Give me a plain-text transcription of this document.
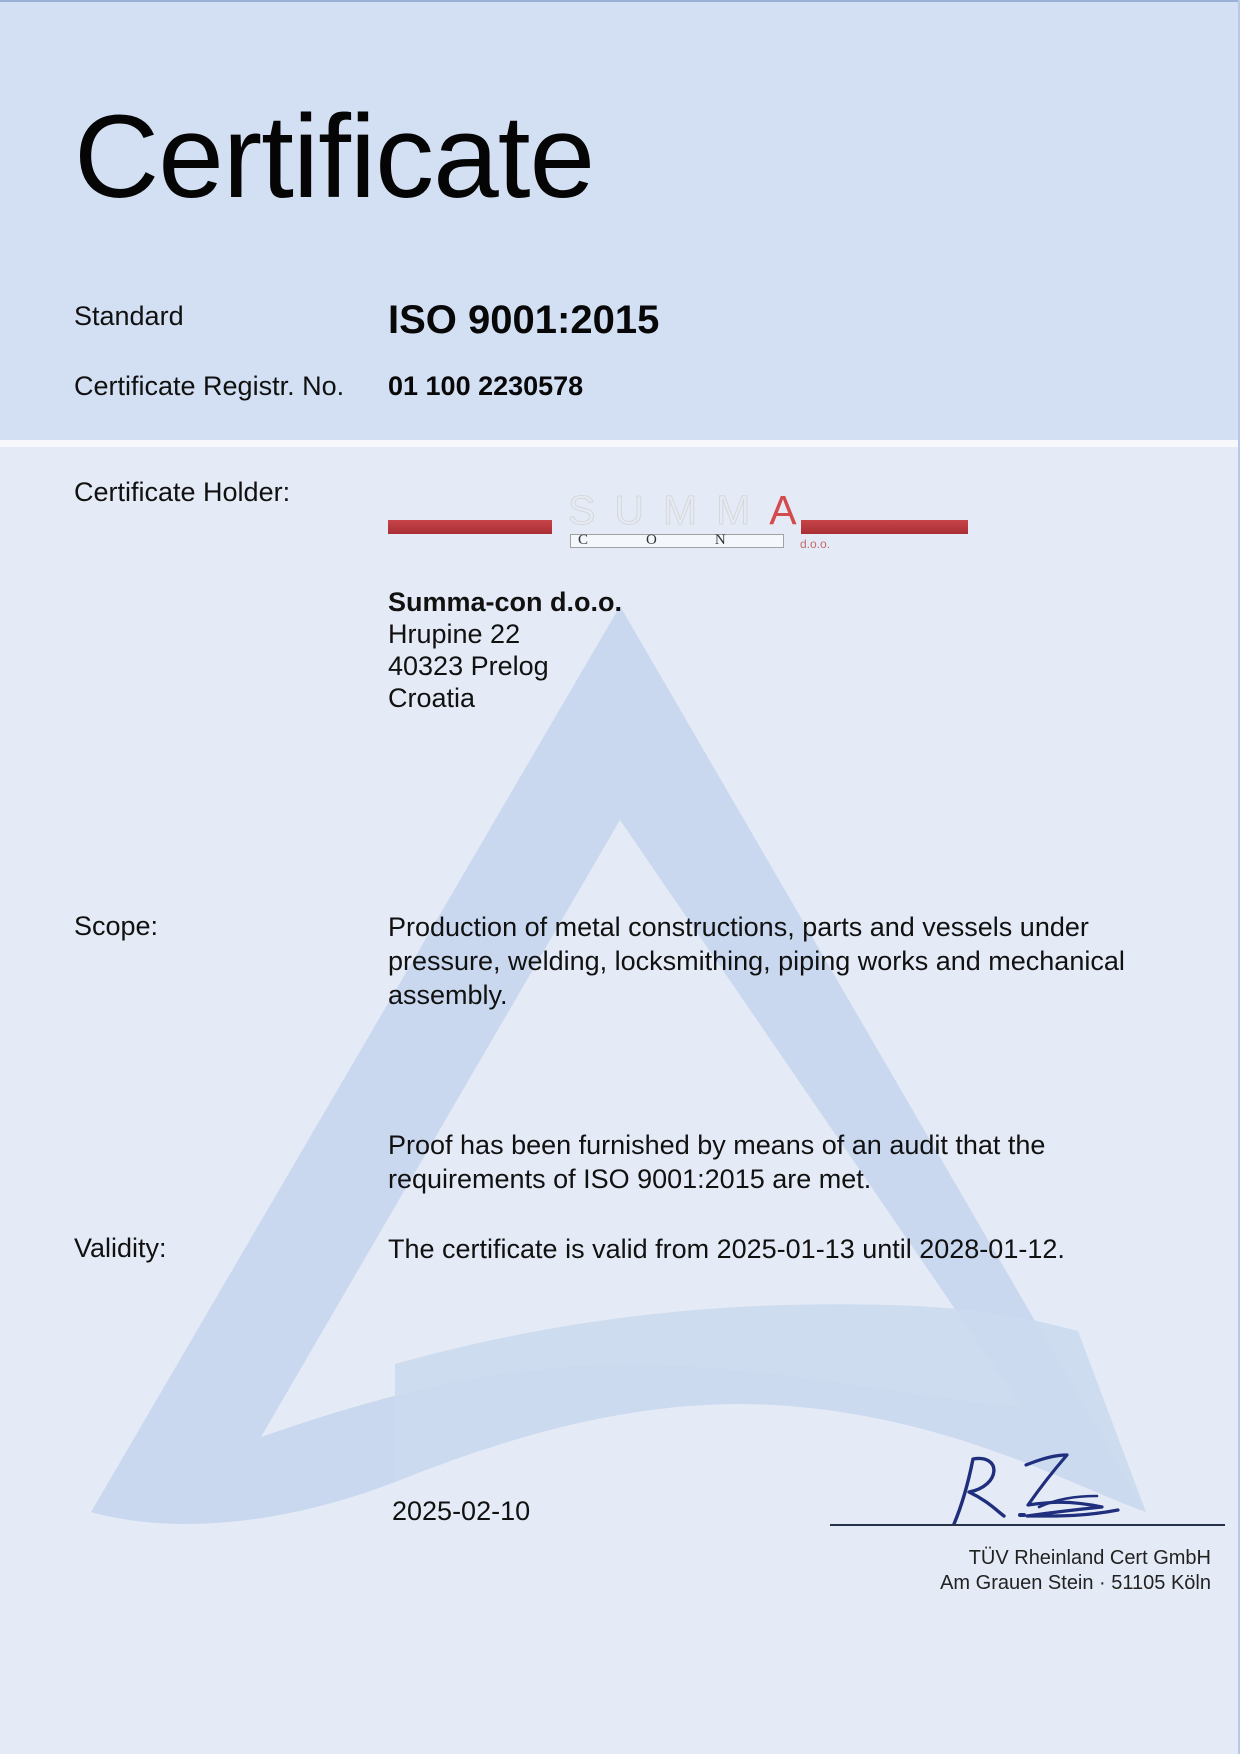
Certificate
Standard	ISO 9001:2015
Certificate Registr. No. 01 100 2230578
Certificate Holder:	SUMMA
CON d.o.o.
Summa-con d.o.o.
Hrupine 22
40323 Prelog
Croatia
Scope:	Production of metal constructions, parts and vessels under pressure, welding, locksmithing, piping works and mechanical assembly.
Proof has been furnished by means of an audit that the requirements of ISO 9001:2015 are met.
Validity:	The certificate is valid from 2025-01-13 until 2028-01-12.
2025-02-10
TÜV Rheinland Cert GmbH
Am Grauen Stein · 51105 Köln
